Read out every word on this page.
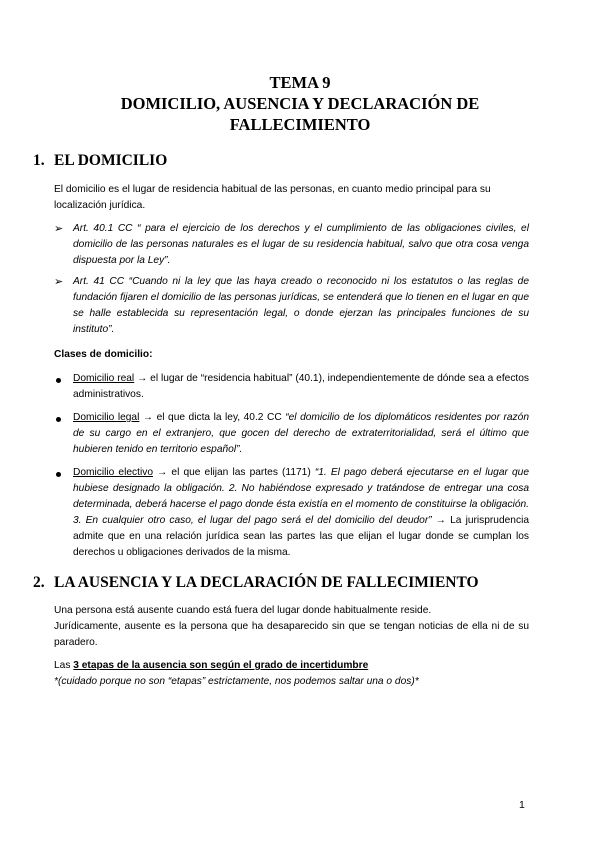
TEMA 9
DOMICILIO, AUSENCIA Y DECLARACIÓN DE
FALLECIMIENTO
1. EL DOMICILIO
El domicilio es el lugar de residencia habitual de las personas, en cuanto medio principal para su localización jurídica.
➢ Art. 40.1 CC “ para el ejercicio de los derechos y el cumplimiento de las obligaciones civiles, el domicilio de las personas naturales es el lugar de su residencia habitual, salvo que otra cosa venga dispuesta por la Ley”.
➢ Art. 41 CC “Cuando ni la ley que las haya creado o reconocido ni los estatutos o las reglas de fundación fijaren el domicilio de las personas jurídicas, se entenderá que lo tienen en el lugar en que se halle establecida su representación legal, o donde ejerzan las principales funciones de su instituto”.
Clases de domicilio:
Domicilio real → el lugar de “residencia habitual” (40.1), independientemente de dónde sea a efectos administrativos.
Domicilio legal → el que dicta la ley, 40.2 CC “el domicilio de los diplomáticos residentes por razón de su cargo en el extranjero, que gocen del derecho de extraterritorialidad, será el último que hubieren tenido en territorio español”.
Domicilio electivo → el que elijan las partes (1171) “1. El pago deberá ejecutarse en el lugar que hubiese designado la obligación. 2. No habiéndose expresado y tratándose de entregar una cosa determinada, deberá hacerse el pago donde ésta existía en el momento de constituirse la obligación. 3. En cualquier otro caso, el lugar del pago será el del domicilio del deudor” → La jurisprudencia admite que en una relación jurídica sean las partes las que elijan el lugar donde se cumplan los derechos u obligaciones derivados de la misma.
2. LA AUSENCIA Y LA DECLARACIÓN DE FALLECIMIENTO
Una persona está ausente cuando está fuera del lugar donde habitualmente reside.
Jurídicamente, ausente es la persona que ha desaparecido sin que se tengan noticias de ella ni de su paradero.
Las 3 etapas de la ausencia son según el grado de incertidumbre
*(cuidado porque no son “etapas” estrictamente, nos podemos saltar una o dos)*
1
